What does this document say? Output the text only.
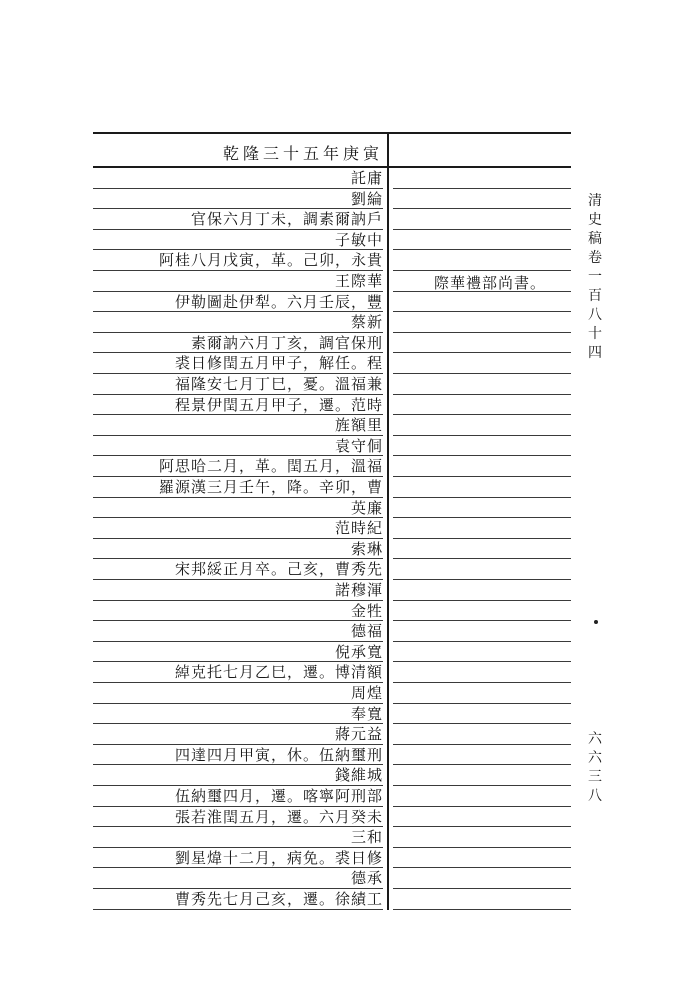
乾隆三十五年庚寅
託庸
劉綸
官保六月丁未，調素爾訥戶
子敏中
阿桂八月戊寅，革。己卯，永貴
王際華
伊勒圖赴伊犁。六月壬辰，豐
蔡新
素爾訥六月丁亥，調官保刑
裘日修閏五月甲子，解任。程
福隆安七月丁巳，憂。溫福兼
程景伊閏五月甲子，遷。范時
旌額里
袁守侗
阿思哈二月，革。閏五月，溫福
羅源漢三月壬午，降。辛卯，曹
英廉
范時紀
索琳
宋邦綏正月卒。己亥，曹秀先
諾穆渾
金牲
德福
倪承寬
綽克托七月乙巳，遷。博清額
周煌
奉寬
蔣元益
四達四月甲寅，休。伍納璽刑
錢維城
伍納璽四月，遷。喀寧阿刑部
張若淮閏五月，遷。六月癸未
三和
劉星煒十二月，病免。裘日修
德承
曹秀先七月己亥，遷。徐績工
際華禮部尚書。
清史稿卷一百八十四
六六三八
